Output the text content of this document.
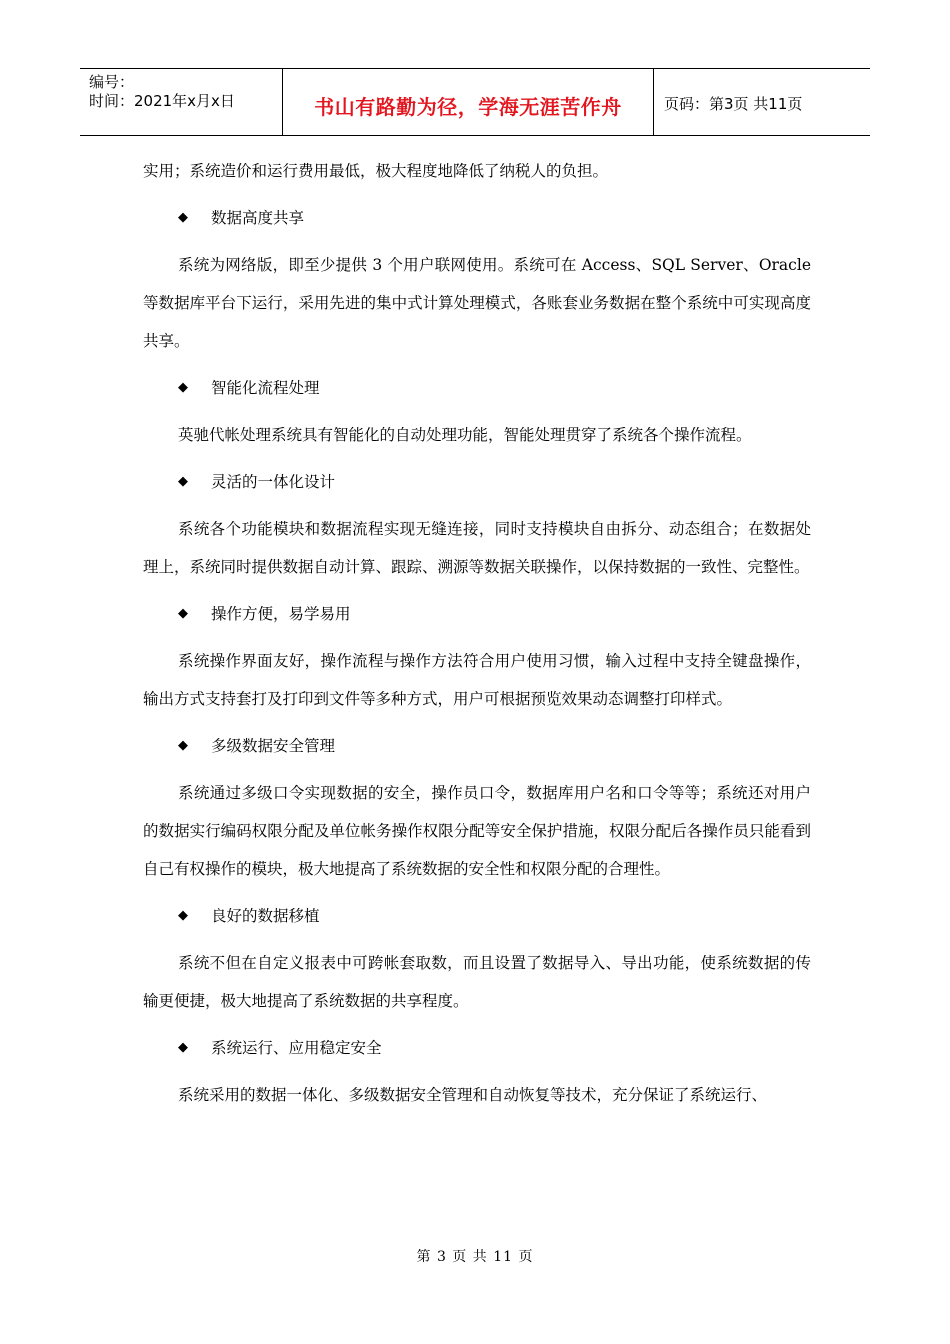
编号：
时间：2021年x月x日	书山有路勤为径，学海无涯苦作舟	页码：第3页 共11页

实用；系统造价和运行费用最低，极大程度地降低了纳税人的负担。

◆	数据高度共享

系统为网络版，即至少提供 3 个用户联网使用。系统可在 Access、SQL Server、Oracle 等数据库平台下运行，采用先进的集中式计算处理模式，各账套业务数据在整个系统中可实现高度共享。

◆	智能化流程处理

英驰代帐处理系统具有智能化的自动处理功能，智能处理贯穿了系统各个操作流程。

◆	灵活的一体化设计

系统各个功能模块和数据流程实现无缝连接，同时支持模块自由拆分、动态组合；在数据处理上，系统同时提供数据自动计算、跟踪、溯源等数据关联操作，以保持数据的一致性、完整性。

◆	操作方便，易学易用

系统操作界面友好，操作流程与操作方法符合用户使用习惯，输入过程中支持全键盘操作，输出方式支持套打及打印到文件等多种方式，用户可根据预览效果动态调整打印样式。

◆	多级数据安全管理

系统通过多级口令实现数据的安全，操作员口令，数据库用户名和口令等等；系统还对用户的数据实行编码权限分配及单位帐务操作权限分配等安全保护措施，权限分配后各操作员只能看到自己有权操作的模块，极大地提高了系统数据的安全性和权限分配的合理性。

◆	良好的数据移植

系统不但在自定义报表中可跨帐套取数，而且设置了数据导入、导出功能，使系统数据的传输更便捷，极大地提高了系统数据的共享程度。

◆	系统运行、应用稳定安全

系统采用的数据一体化、多级数据安全管理和自动恢复等技术，充分保证了系统运行、

第 3 页 共 11 页
